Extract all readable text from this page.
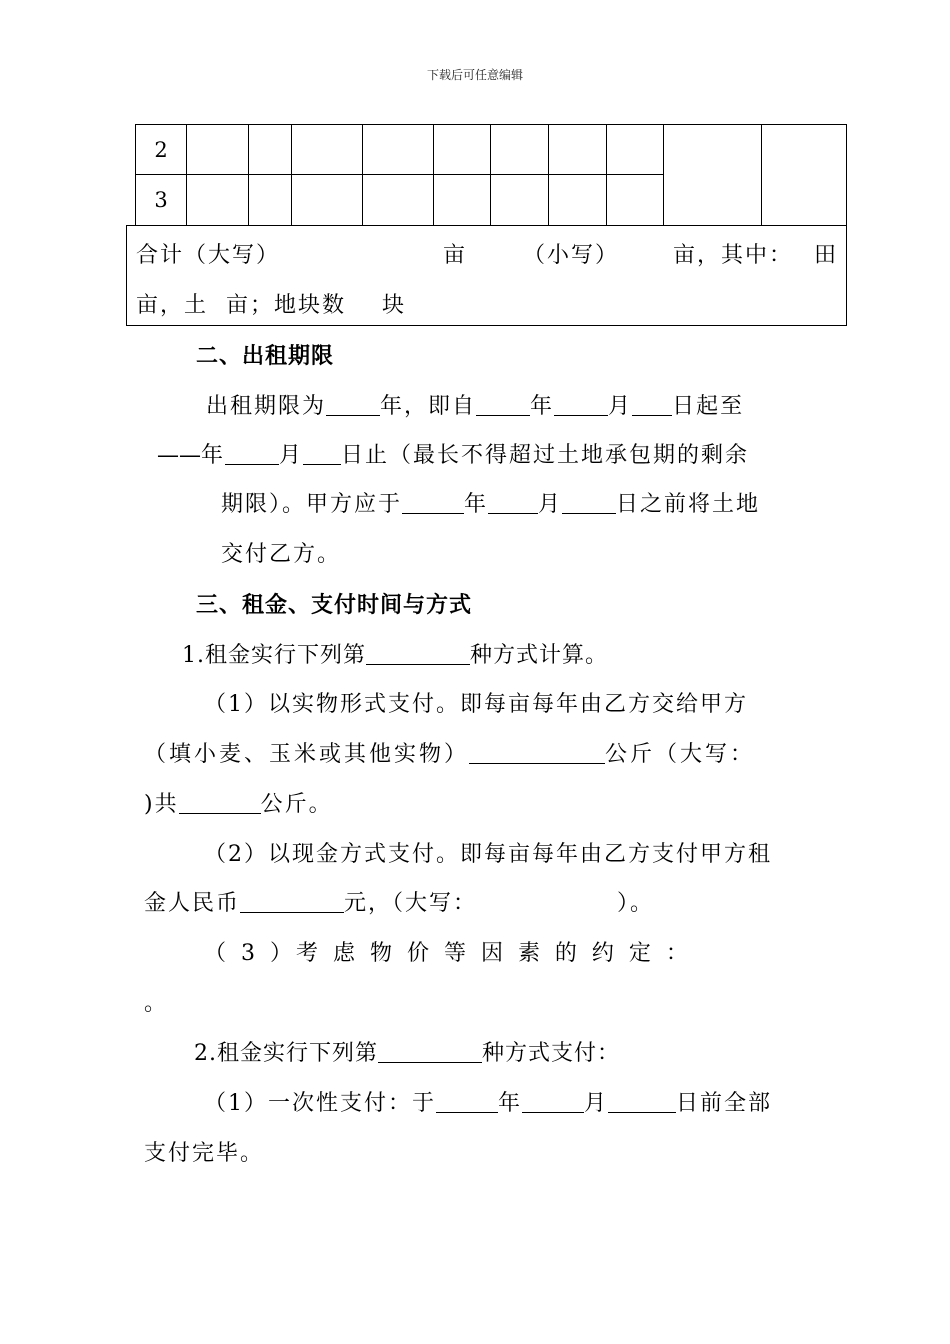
下载后可任意编辑
2
3
合计（大写）	亩	（小写） 亩，其中： 田
亩，土  亩；地块数    块
二、出租期限
出租期限为 年，即自 年 月 日起至
——年 月 日止（最长不得超过土地承包期的剩余
期限）。甲方应于	年 月 日之前将土地
交付乙方。
三、租金、支付时间与方式
1.租金实行下列第	种方式计算。
（1）以实物形式支付。即每亩每年由乙方交给甲方
（填小麦、玉米或其他实物）	公斤（大写：
)共	公斤。
（2）以现金方式支付。即每亩每年由乙方支付甲方租
金人民币	元，（大写：	）。
（ 3 ）考 虑 物 价 等 因 素 的 约 定 ：
。
2.租金实行下列第	种方式支付：
（1）一次性支付：于	年	月	日前全部
支付完毕。
